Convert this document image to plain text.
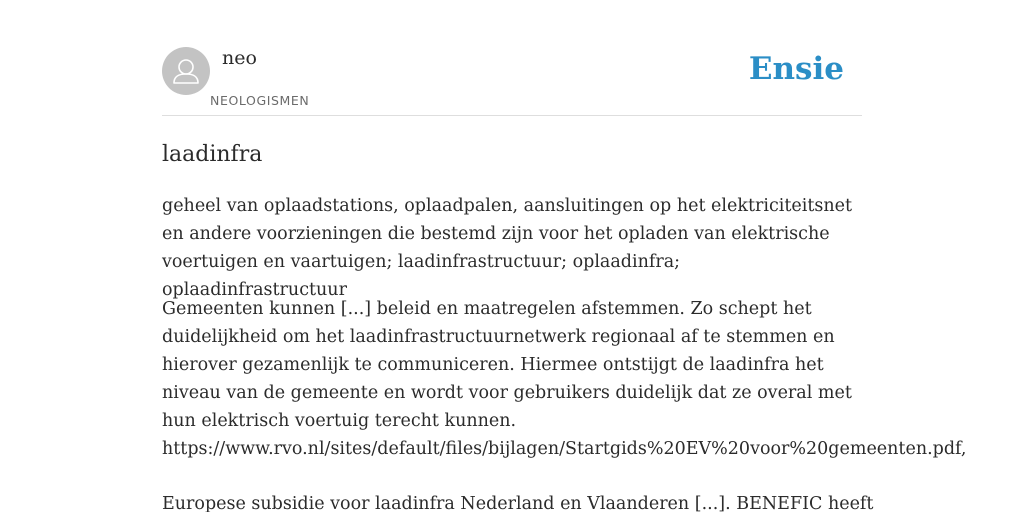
neo
NEOLOGISMEN
Ensie
laadinfra

geheel van oplaadstations, oplaadpalen, aansluitingen op het elektriciteitsnet en andere voorzieningen die bestemd zijn voor het opladen van elektrische voertuigen en vaartuigen; laadinfrastructuur; oplaadinfra; oplaadinfrastructuur

Gemeenten kunnen [...] beleid en maatregelen afstemmen. Zo schept het duidelijkheid om het laadinfrastructuurnetwerk regionaal af te stemmen en hierover gezamenlijk te communiceren. Hiermee ontstijgt de laadinfra het niveau van de gemeente en wordt voor gebruikers duidelijk dat ze overal met hun elektrisch voertuig terecht kunnen. https://www.rvo.nl/sites/default/files/bijlagen/Startgids%20EV%20voor%20gemeenten.pdf,

Europese subsidie voor laadinfra Nederland en Vlaanderen [...]. BENEFIC heeft
